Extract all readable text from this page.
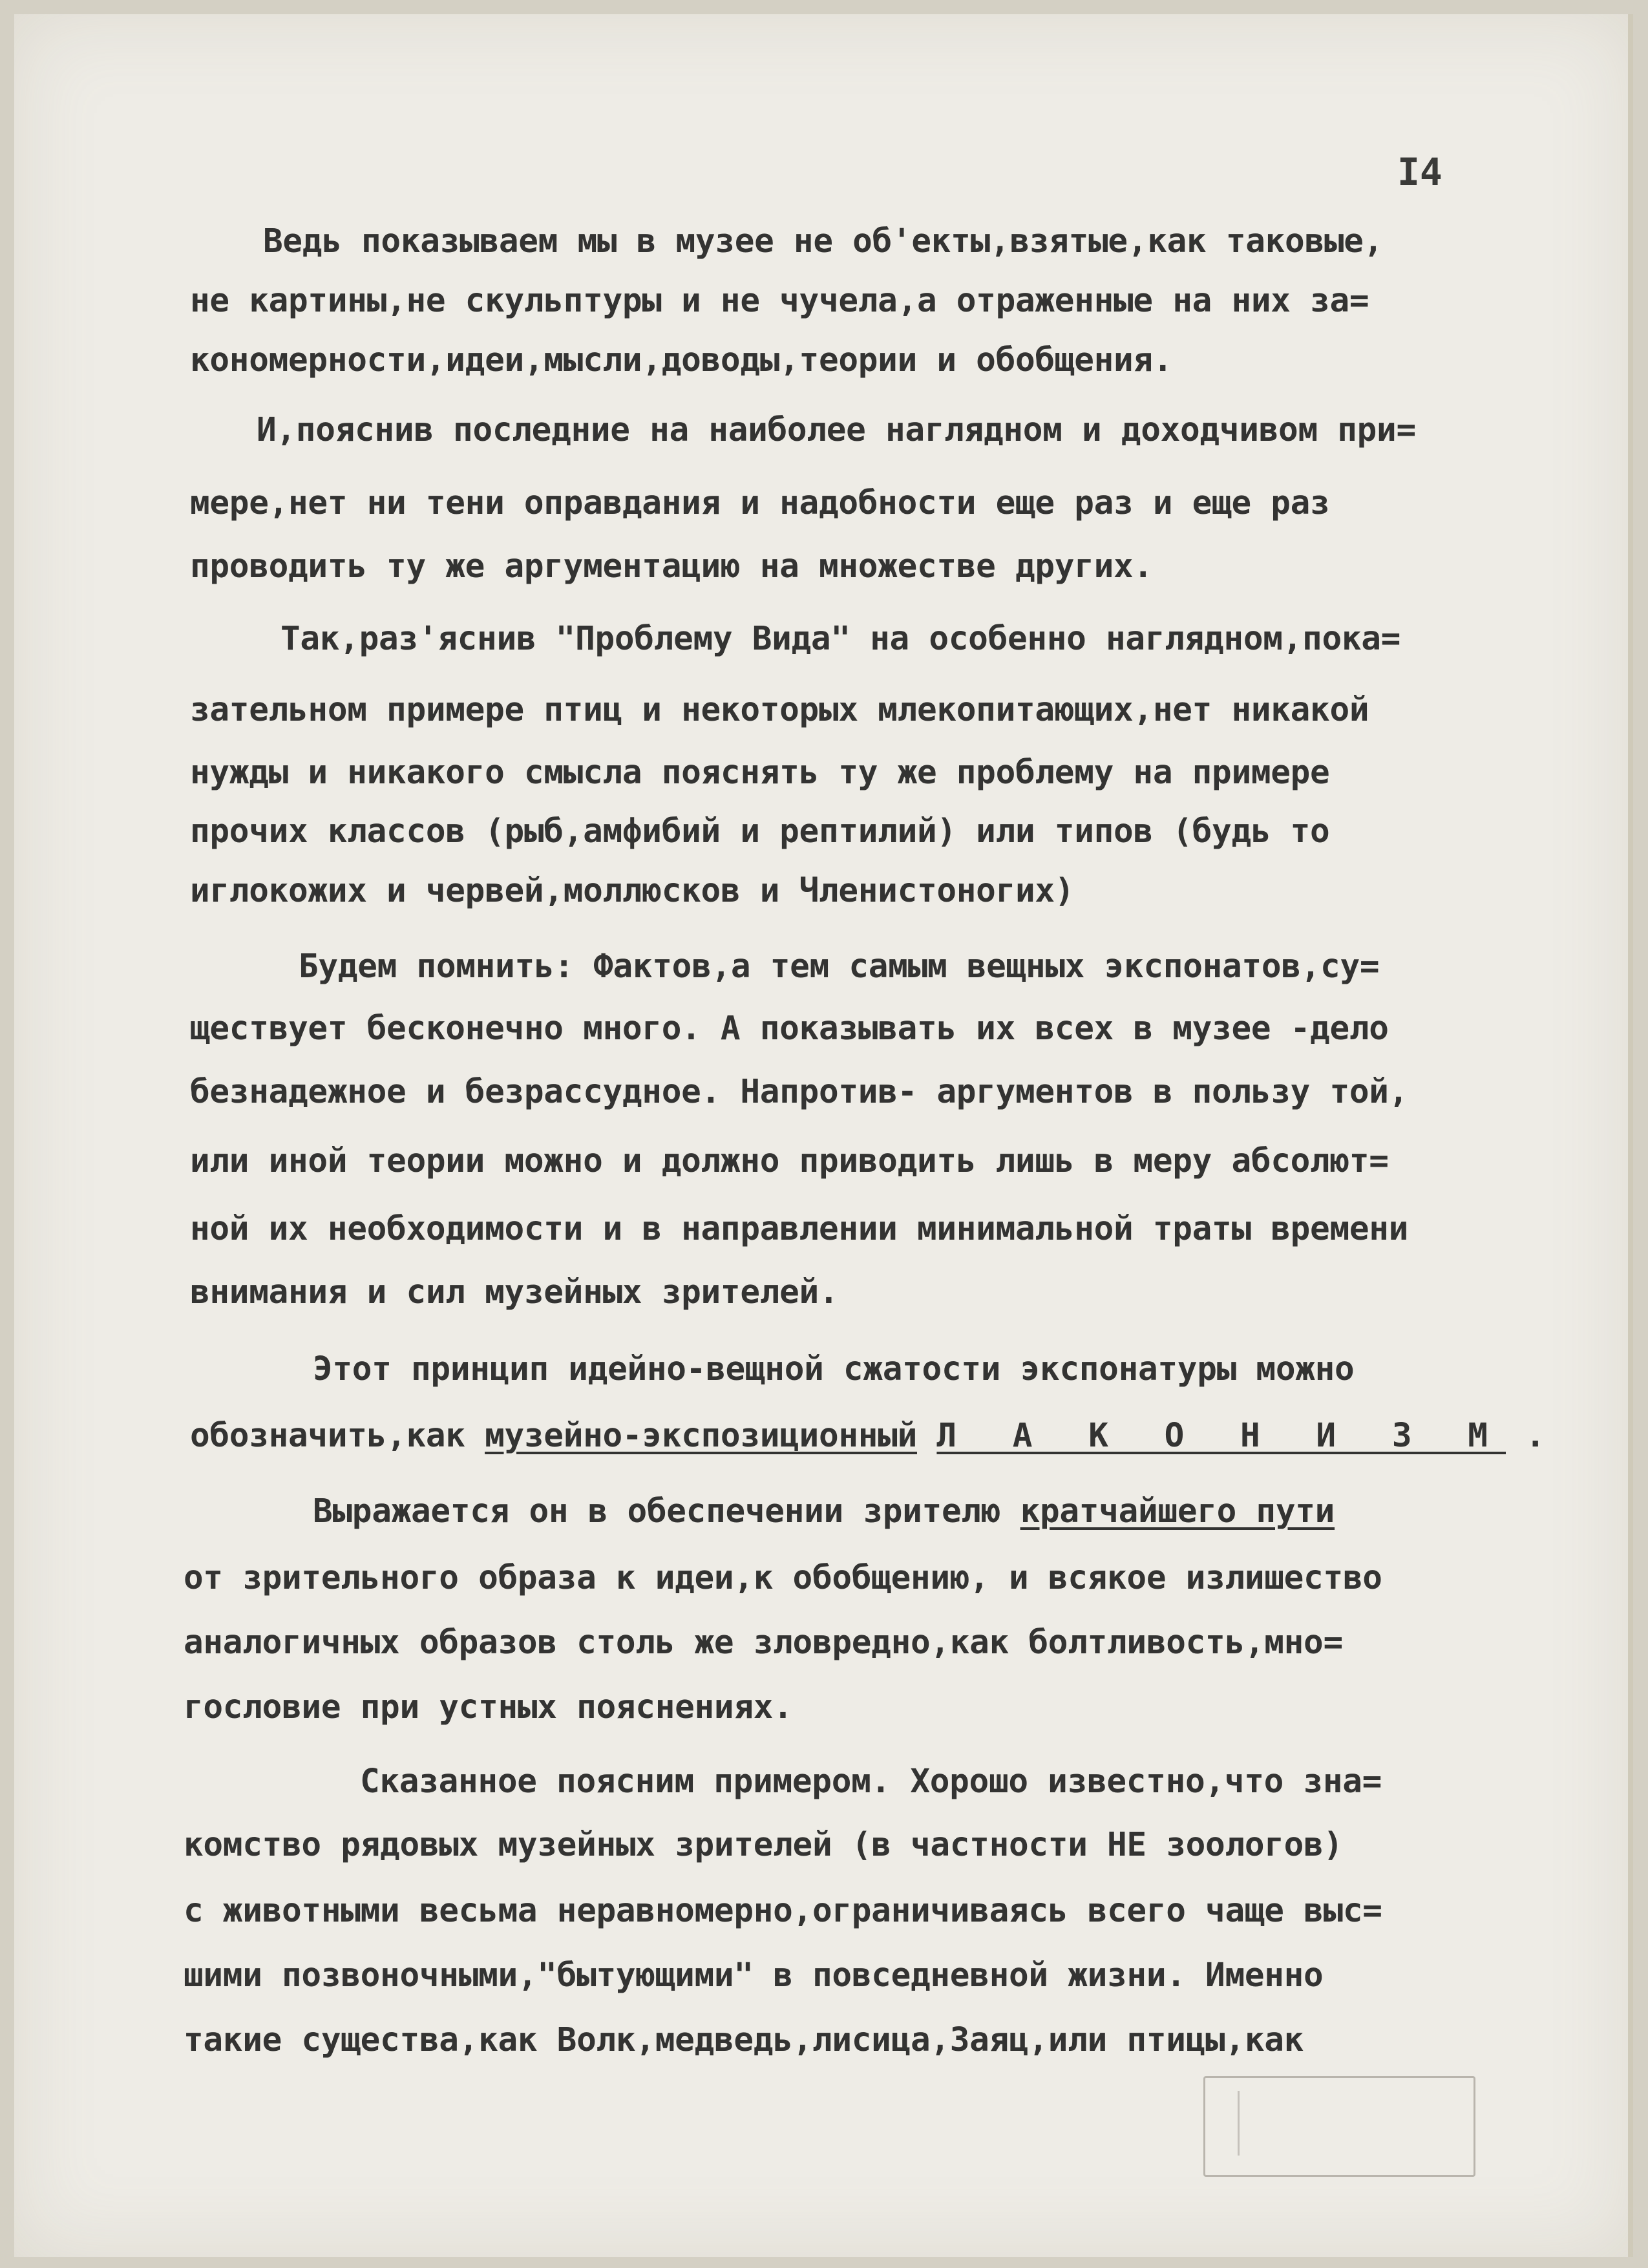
I4
Ведь показываем мы в музее не об'екты,взятые,как таковые,
не картины,не скульптуры и не чучела,а отраженные на них за=
кономерности,идеи,мысли,доводы,теории и обобщения.
И,пояснив последние на наиболее наглядном и доходчивом при=
мере,нет ни тени оправдания и надобности еще раз и еще раз
проводить ту же аргументацию на множестве других.
Так,раз'яснив "Проблему Вида" на особенно наглядном,пока=
зательном примере птиц и некоторых млекопитающих,нет никакой
нужды и никакого смысла пояснять ту же проблему на примере
прочих классов (рыб,амфибий и рептилий) или типов (будь то
иглокожих и червей,моллюсков и Членистоногих)
Будем помнить: Фактов,а тем самым вещных экспонатов,су=
ществует бесконечно много. А показывать их всех в музее -дело
безнадежное и безрассудное. Напротив- аргументов в пользу той,
или иной теории можно и должно приводить лишь в меру абсолют=
ной их необходимости и в направлении минимальной траты времени
внимания и сил музейных зрителей.
Этот принцип идейно-вещной сжатости экспонатуры можно
обозначить,как музейно-экспозиционный Л А К О Н И З М .
Выражается он в обеспечении зрителю кратчайшего пути
от зрительного образа к идеи,к обобщению, и всякое излишество
аналогичных образов столь же зловредно,как болтливость,мно=
гословие при устных пояснениях.
Сказанное поясним примером. Хорошо известно,что зна=
комство рядовых музейных зрителей (в частности НЕ зоологов)
с животными весьма неравномерно,ограничиваясь всего чаще выс=
шими позвоночными,"бытующими" в повседневной жизни. Именно
такие существа,как Волк,медведь,лисица,Заяц,или птицы,как
